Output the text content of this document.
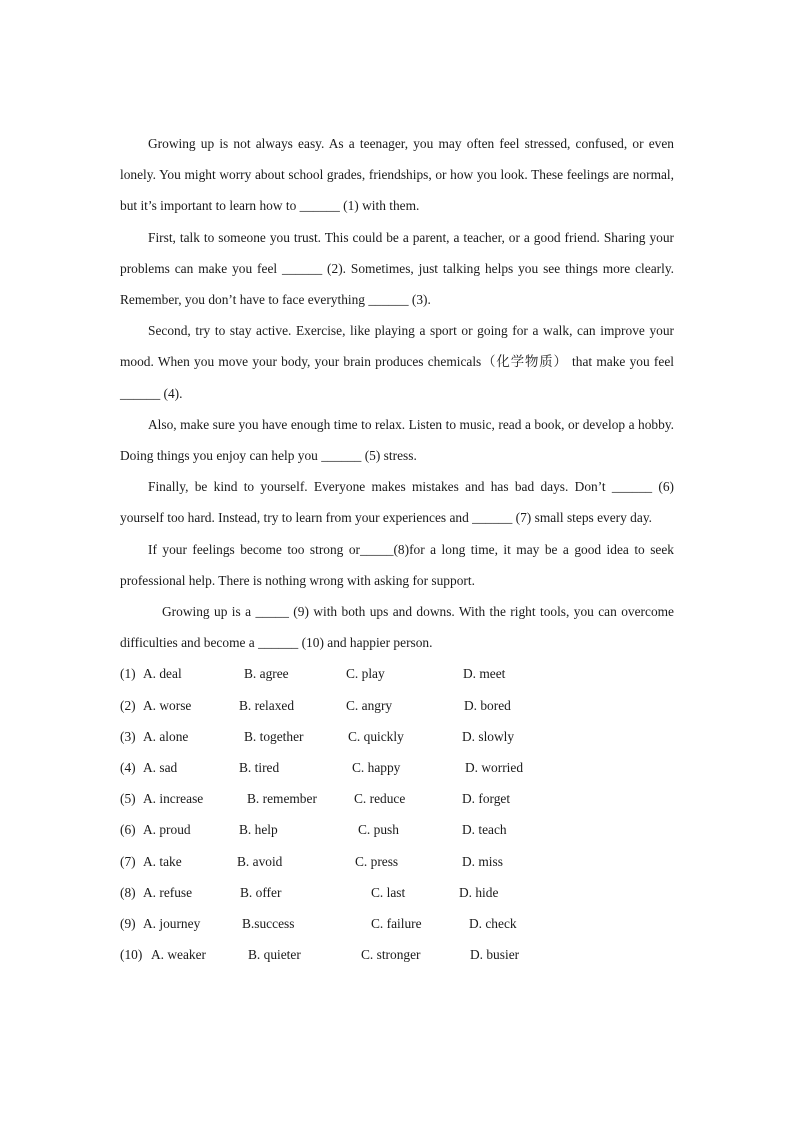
Growing up is not always easy. As a teenager, you may often feel stressed, confused, or even lonely. You might worry about school grades, friendships, or how you look. These feelings are normal, but it’s important to learn how to ______ (1) with them.

First, talk to someone you trust. This could be a parent, a teacher, or a good friend. Sharing your problems can make you feel ______ (2). Sometimes, just talking helps you see things more clearly. Remember, you don’t have to face everything ______ (3).

Second, try to stay active. Exercise, like playing a sport or going for a walk, can improve your mood. When you move your body, your brain produces chemicals（化学物质） that make you feel ______ (4).

Also, make sure you have enough time to relax. Listen to music, read a book, or develop a hobby. Doing things you enjoy can help you ______ (5) stress.

Finally, be kind to yourself. Everyone makes mistakes and has bad days. Don’t ______ (6) yourself too hard. Instead, try to learn from your experiences and ______ (7) small steps every day.

If your feelings become too strong or_____(8)for a long time, it may be a good idea to seek professional help. There is nothing wrong with asking for support.

Growing up is a _____ (9) with both ups and downs. With the right tools, you can overcome difficulties and become a ______ (10) and happier person.

(1) A. deal	B. agree	C. play	D. meet
(2) A. worse	B. relaxed	C. angry	D. bored
(3) A. alone	B. together	C. quickly	D. slowly
(4) A. sad	B. tired	C. happy	D. worried
(5) A. increase	B. remember	C. reduce	D. forget
(6) A. proud	B. help	C. push	D. teach
(7) A. take	B. avoid	C. press	D. miss
(8) A. refuse	B. offer	C. last	D. hide
(9) A. journey	B.success	C. failure	D. check
(10) A. weaker	B. quieter	C. stronger	D. busier
